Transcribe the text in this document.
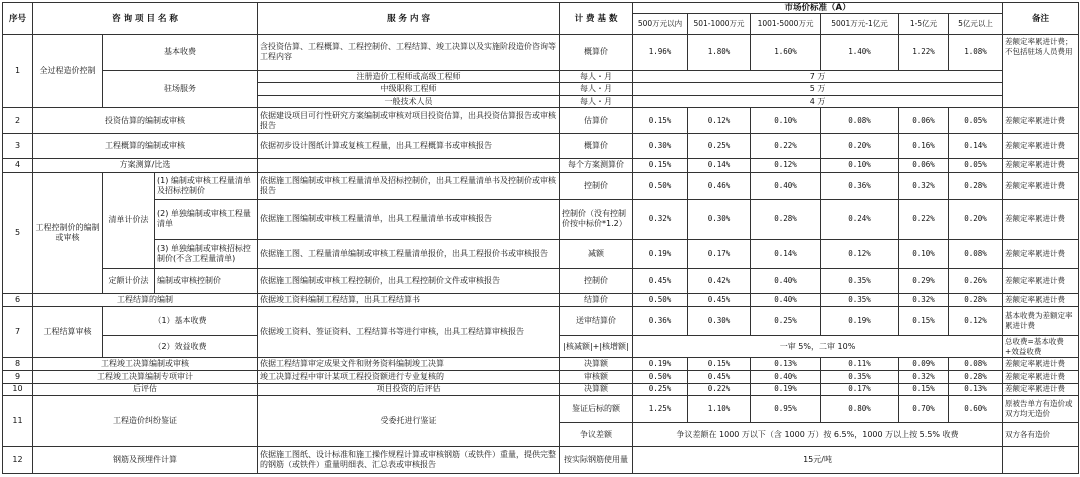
序号	咨 询 项 目 名 称			服 务 内 容	计 费 基 数	市场价标准（A）						备注
						500万元以内	501-1000万元	1001-5000万元	5001万元-1亿元	1-5亿元	5亿元以上	
1	全过程造价控制	基本收费		含投资估算、工程概算、工程控制价、工程结算、竣工决算以及实施阶段造价咨询等工程内容	概算价	1.96%	1.80%	1.60%	1.40%	1.22%	1.08%	差额定率累进计费；不包括驻场人员费用
		驻场服务		注册造价工程师或高级工程师	每人・月	7 万						
				中级职称工程师	每人・月	5 万						
				一般技术人员	每人・月	4 万						
2	投资估算的编制或审核			依据建设项目可行性研究方案编制或审核对项目投资估算，出具投资估算报告或审核报告	估算价	0.15%	0.12%	0.10%	0.08%	0.06%	0.05%	差额定率累进计费
3	工程概算的编制或审核			依据初步设计图纸计算或复核工程量，出具工程概算书或审核报告	概算价	0.30%	0.25%	0.22%	0.20%	0.16%	0.14%	差额定率累进计费
4	方案测算/比选				每个方案测算价	0.15%	0.14%	0.12%	0.10%	0.06%	0.05%	差额定率累进计费
5	工程控制价的编制或审核	清单计价法	(1) 编制或审核工程量清单及招标控制价	依据施工图编制或审核工程量清单及招标控制价，出具工程量清单书及控制价或审核报告	控制价	0.50%	0.46%	0.40%	0.36%	0.32%	0.28%	差额定率累进计费
			(2) 单独编制或审核工程量清单	依据施工图编制或审核工程量清单，出具工程量清单书或审核报告	控制价（没有控制价按中标价*1.2）	0.32%	0.30%	0.28%	0.24%	0.22%	0.20%	差额定率累进计费
			(3) 单独编制或审核招标控制价(不含工程量清单)	依据施工图、工程量清单编制或审核工程量清单报价，出具工程报价书或审核报告	减额	0.19%	0.17%	0.14%	0.12%	0.10%	0.08%	差额定率累进计费
		定额计价法	编制或审核控制价	依据施工图编制或审核工程控制价，出具工程控制价文件或审核报告	控制价	0.45%	0.42%	0.40%	0.35%	0.29%	0.26%	差额定率累进计费
6	工程结算的编制			依据竣工资料编制工程结算，出具工程结算书	结算价	0.50%	0.45%	0.40%	0.35%	0.32%	0.28%	差额定率累进计费
7	工程结算审核	（1）基本收费		依据竣工资料、签证资料、工程结算书等进行审核，出具工程结算审核报告	送审结算价	0.36%	0.30%	0.25%	0.19%	0.15%	0.12%	基本收费为差额定率累进计费
		（2）效益收费			|核减额|+|核增额|	一审 5%，二审 10%						总收费=基本收费+效益收费
8	工程竣工决算编制或审核			依据工程结算审定成果文件和财务资料编制竣工决算	决算额	0.19%	0.15%	0.13%	0.11%	0.09%	0.08%	差额定率累进计费
9	工程竣工决算编制专项审计			竣工决算过程中审计某项工程投资额进行专业复核的	审核额	0.50%	0.45%	0.40%	0.35%	0.32%	0.28%	差额定率累进计费
10	后评估			项目投资的后评估	决算额	0.25%	0.22%	0.19%	0.17%	0.15%	0.13%	差额定率累进计费
11	工程造价纠纷鉴证			受委托进行鉴证	鉴证后标的额	1.25%	1.10%	0.95%	0.80%	0.70%	0.60%	原被告单方有造价或双方均无造价
					争议差额	争议差额在 1000 万以下（含 1000 万）按 6.5%，1000 万以上按 5.5% 收费						双方各有造价
12	钢筋及预埋件计算			依据施工图纸、设计标准和施工操作规程计算或审核钢筋（或铁件）重量，提供完整的钢筋（或铁件）重量明细表、汇总表或审核报告	按实际钢筋使用量	15元/吨						
